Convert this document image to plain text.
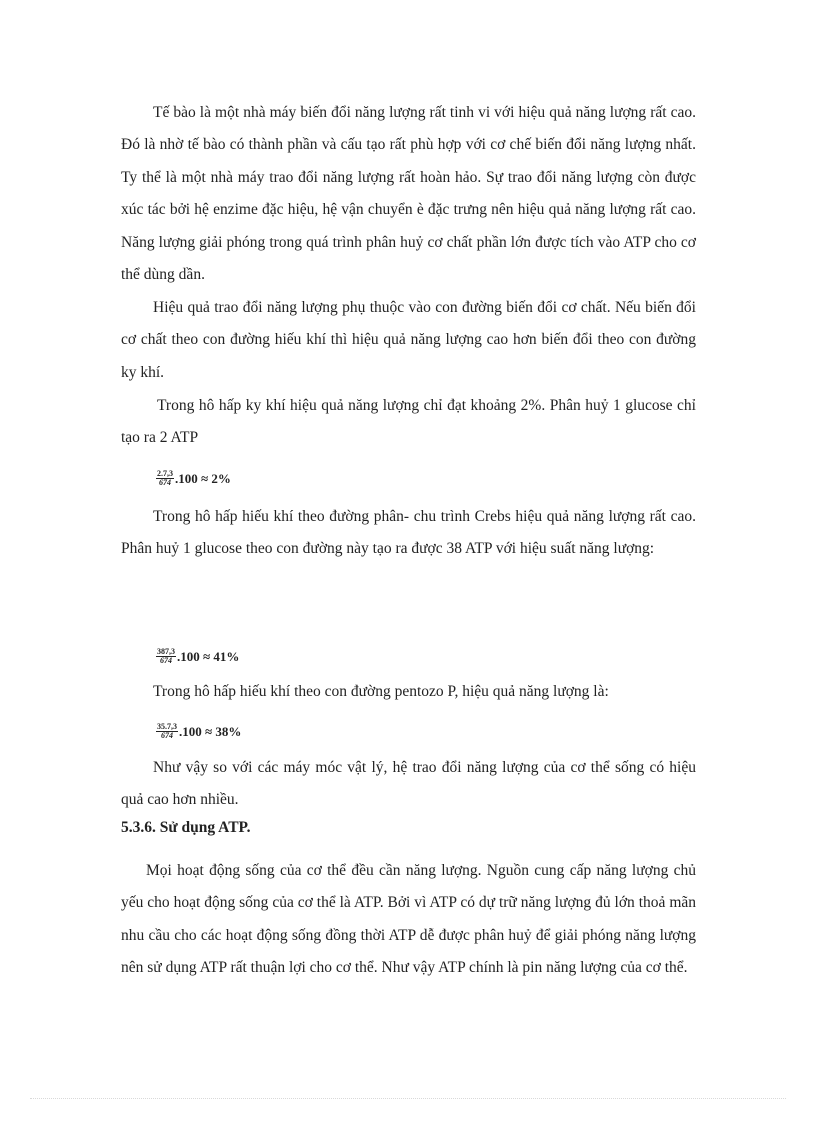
Tế bào là một nhà máy biến đổi năng lượng rất tinh vi với hiệu quả năng lượng rất cao. Đó là nhờ tế bào có thành phần và cấu tạo rất phù hợp với cơ chế biến đổi năng lượng nhất. Ty thể là một nhà máy trao đổi năng lượng rất hoàn hảo. Sự trao đổi năng lượng còn được xúc tác bởi hệ enzime đặc hiệu, hệ vận chuyển è đặc trưng nên hiệu quả năng lượng rất cao. Năng lượng giải phóng trong quá trình phân huỷ cơ chất phần lớn được tích vào ATP cho cơ thể dùng dần.

Hiệu quả trao đổi năng lượng phụ thuộc vào con đường biến đổi cơ chất. Nếu biến đổi cơ chất theo con đường hiếu khí thì hiệu quả năng lượng cao hơn biến đổi theo con đường ky khí.

Trong hô hấp ky khí hiệu quả năng lượng chỉ đạt khoảng 2%. Phân huỷ 1 glucose chỉ tạo ra 2 ATP

$\frac{2.7,3}{674} .100 \approx 2\%$

Trong hô hấp hiếu khí theo đường phân- chu trình Crebs hiệu quả năng lượng rất cao. Phân huỷ 1 glucose theo con đường này tạo ra được 38 ATP với hiệu suất năng lượng:

$\frac{387,3}{674} .100 \approx 41\%$

Trong hô hấp hiếu khí theo con đường pentozo P, hiệu quả năng lượng là:

$\frac{35.7,3}{674} .100 \approx 38\%$

Như vậy so với các máy móc vật lý, hệ trao đổi năng lượng của cơ thể sống có hiệu quả cao hơn nhiều.

5.3.6. Sử dụng ATP.

Mọi hoạt động sống của cơ thể đều cần năng lượng. Nguồn cung cấp năng lượng chủ yếu cho hoạt động sống của cơ thể là ATP. Bởi vì ATP có dự trữ năng lượng đủ lớn thoả mãn nhu cầu cho các hoạt động sống đồng thời ATP dễ được phân huỷ để giải phóng năng lượng nên sử dụng ATP rất thuận lợi cho cơ thể. Như vậy ATP chính là pin năng lượng của cơ thể.
